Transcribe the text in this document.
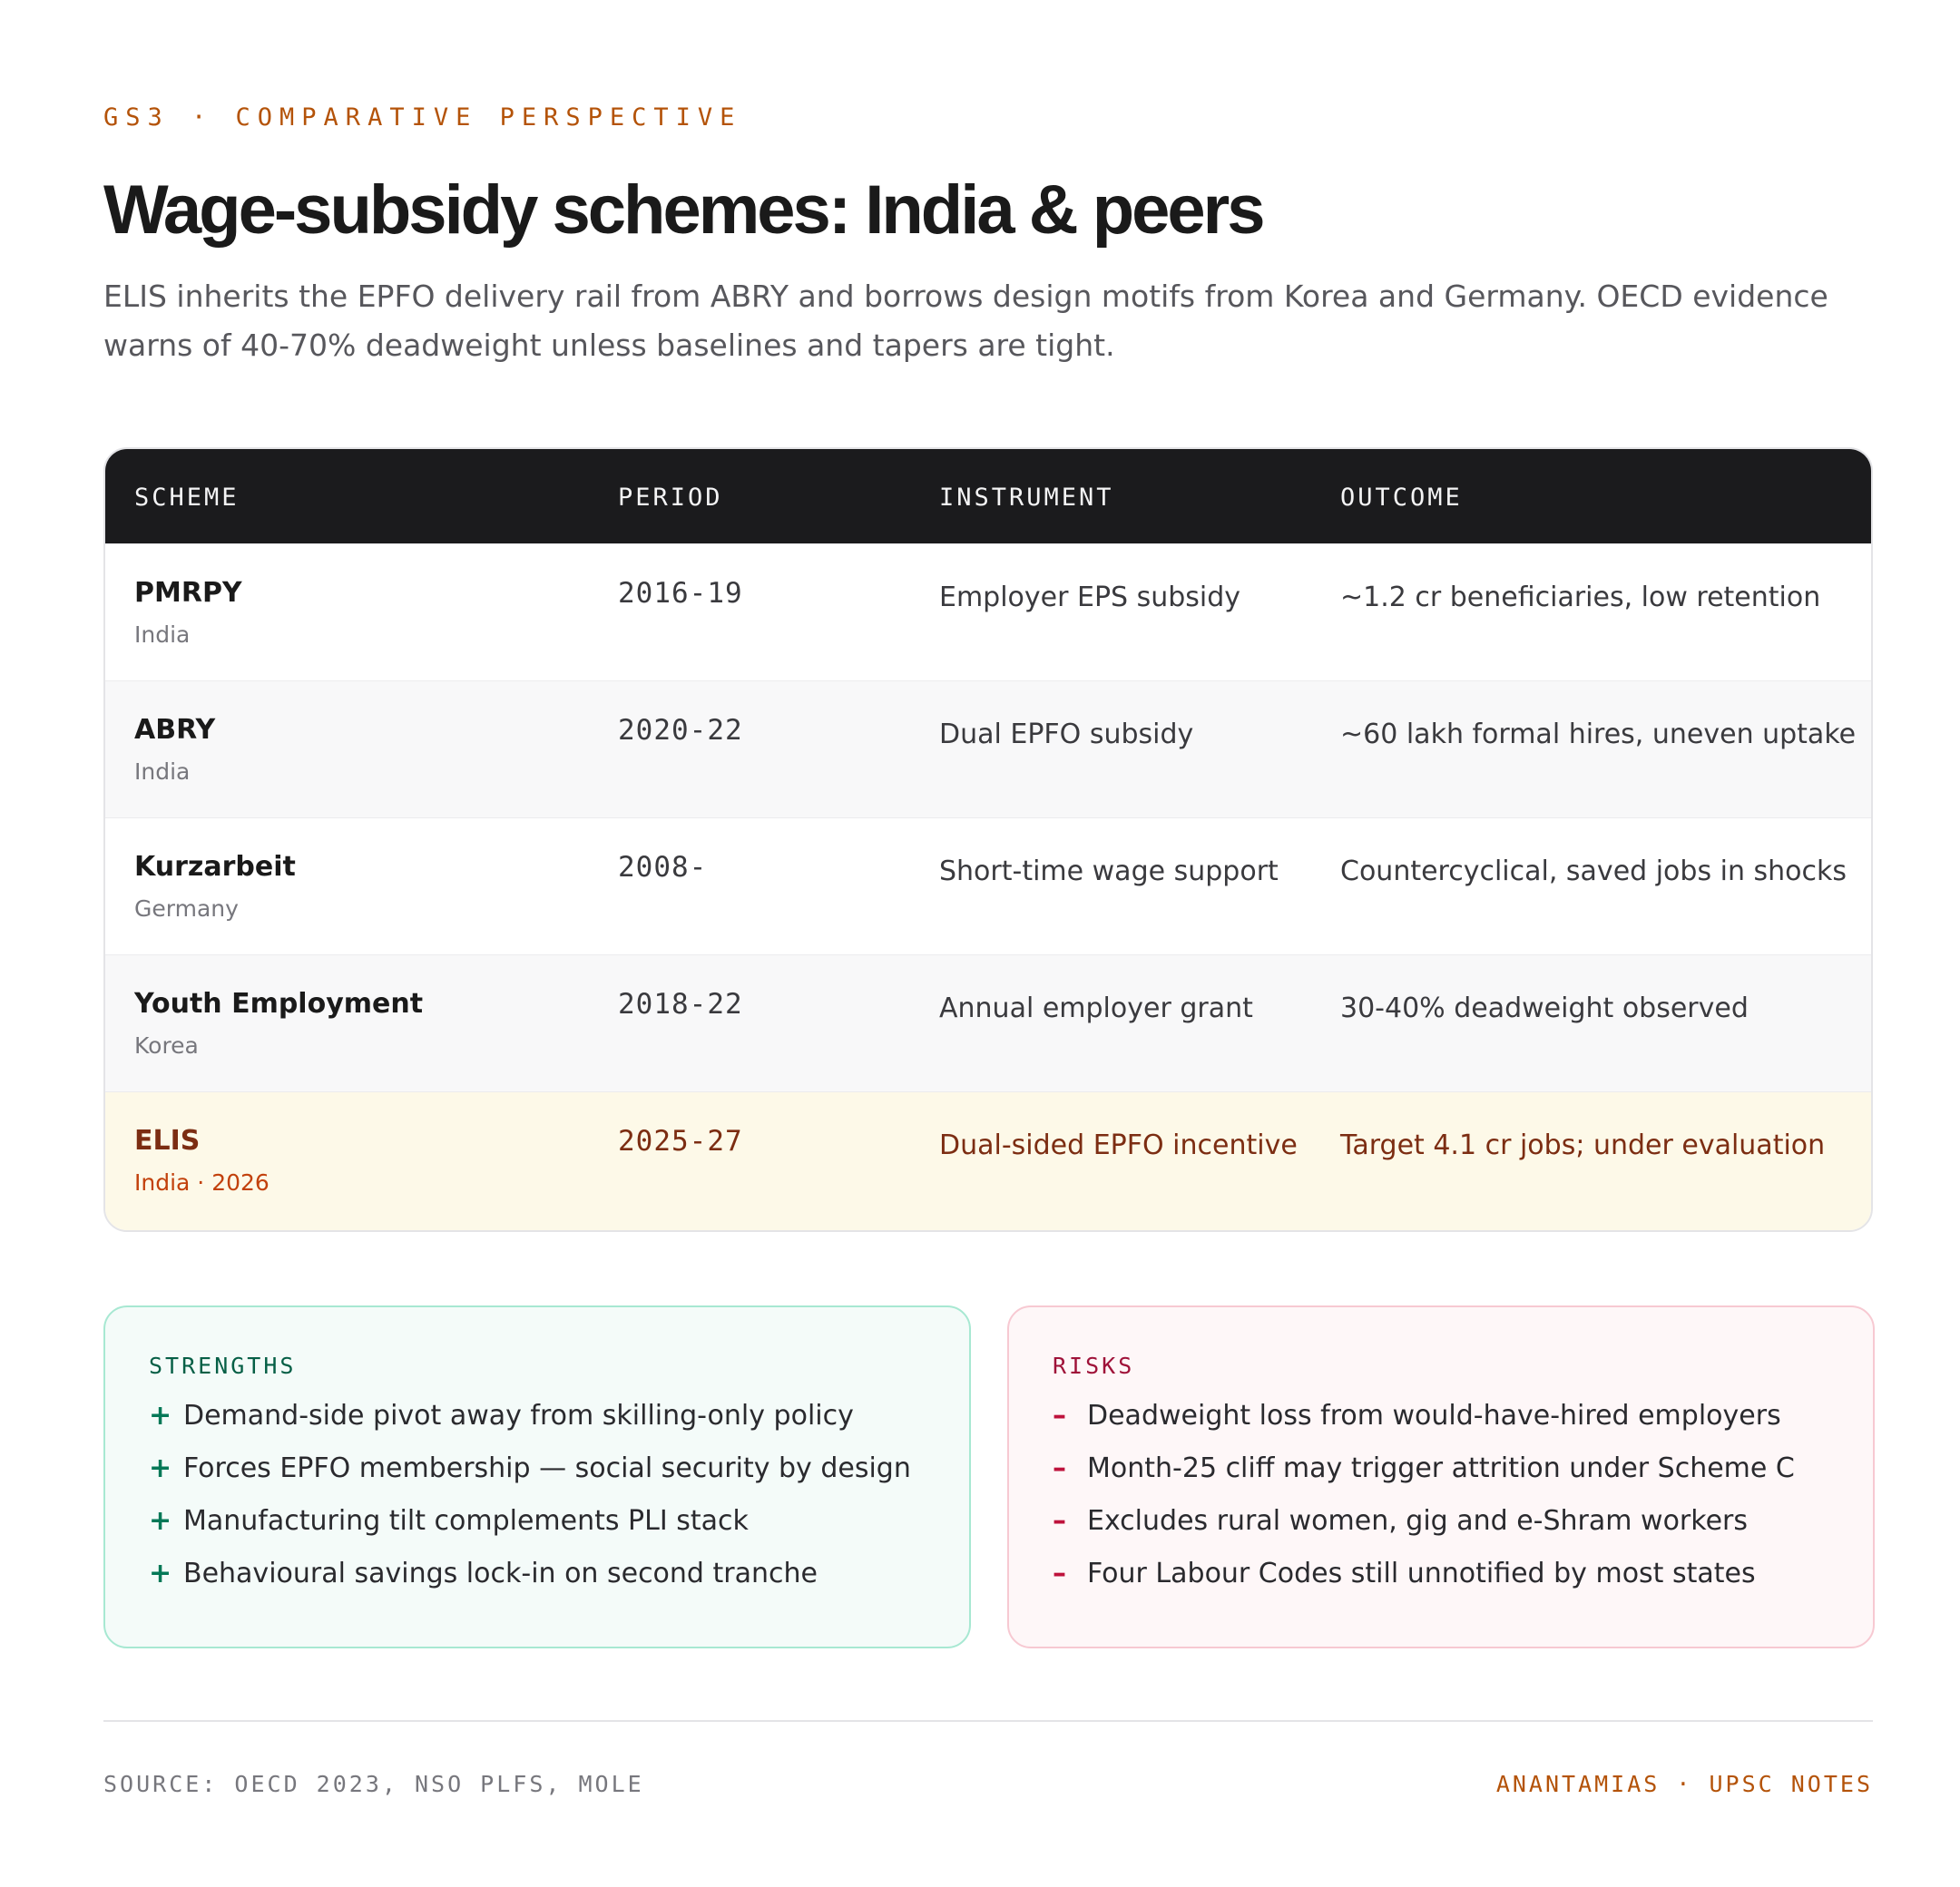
GS3 · COMPARATIVE PERSPECTIVE
Wage-subsidy schemes: India & peers

ELIS inherits the EPFO delivery rail from ABRY and borrows design motifs from Korea and Germany. OECD evidence warns of 40-70% deadweight unless baselines and tapers are tight.

SCHEME	PERIOD	INSTRUMENT	OUTCOME
PMRPY
India
2016-19	Employer EPS subsidy	~1.2 cr beneficiaries, low retention
ABRY
India
2020-22	Dual EPFO subsidy	~60 lakh formal hires, uneven uptake
Kurzarbeit
Germany
2008-	Short-time wage support	Countercyclical, saved jobs in shocks
Youth Employment
Korea
2018-22	Annual employer grant	30-40% deadweight observed
ELIS
India · 2026
2025-27	Dual-sided EPFO incentive	Target 4.1 cr jobs; under evaluation
STRENGTHS
+ Demand-side pivot away from skilling-only policy
+ Forces EPFO membership — social security by design
+ Manufacturing tilt complements PLI stack
+ Behavioural savings lock-in on second tranche
RISKS
– Deadweight loss from would-have-hired employers
– Month-25 cliff may trigger attrition under Scheme C
– Excludes rural women, gig and e-Shram workers
– Four Labour Codes still unnotified by most states
SOURCE: OECD 2023, NSO PLFS, MOLE	ANANTAMIAS · UPSC NOTES
